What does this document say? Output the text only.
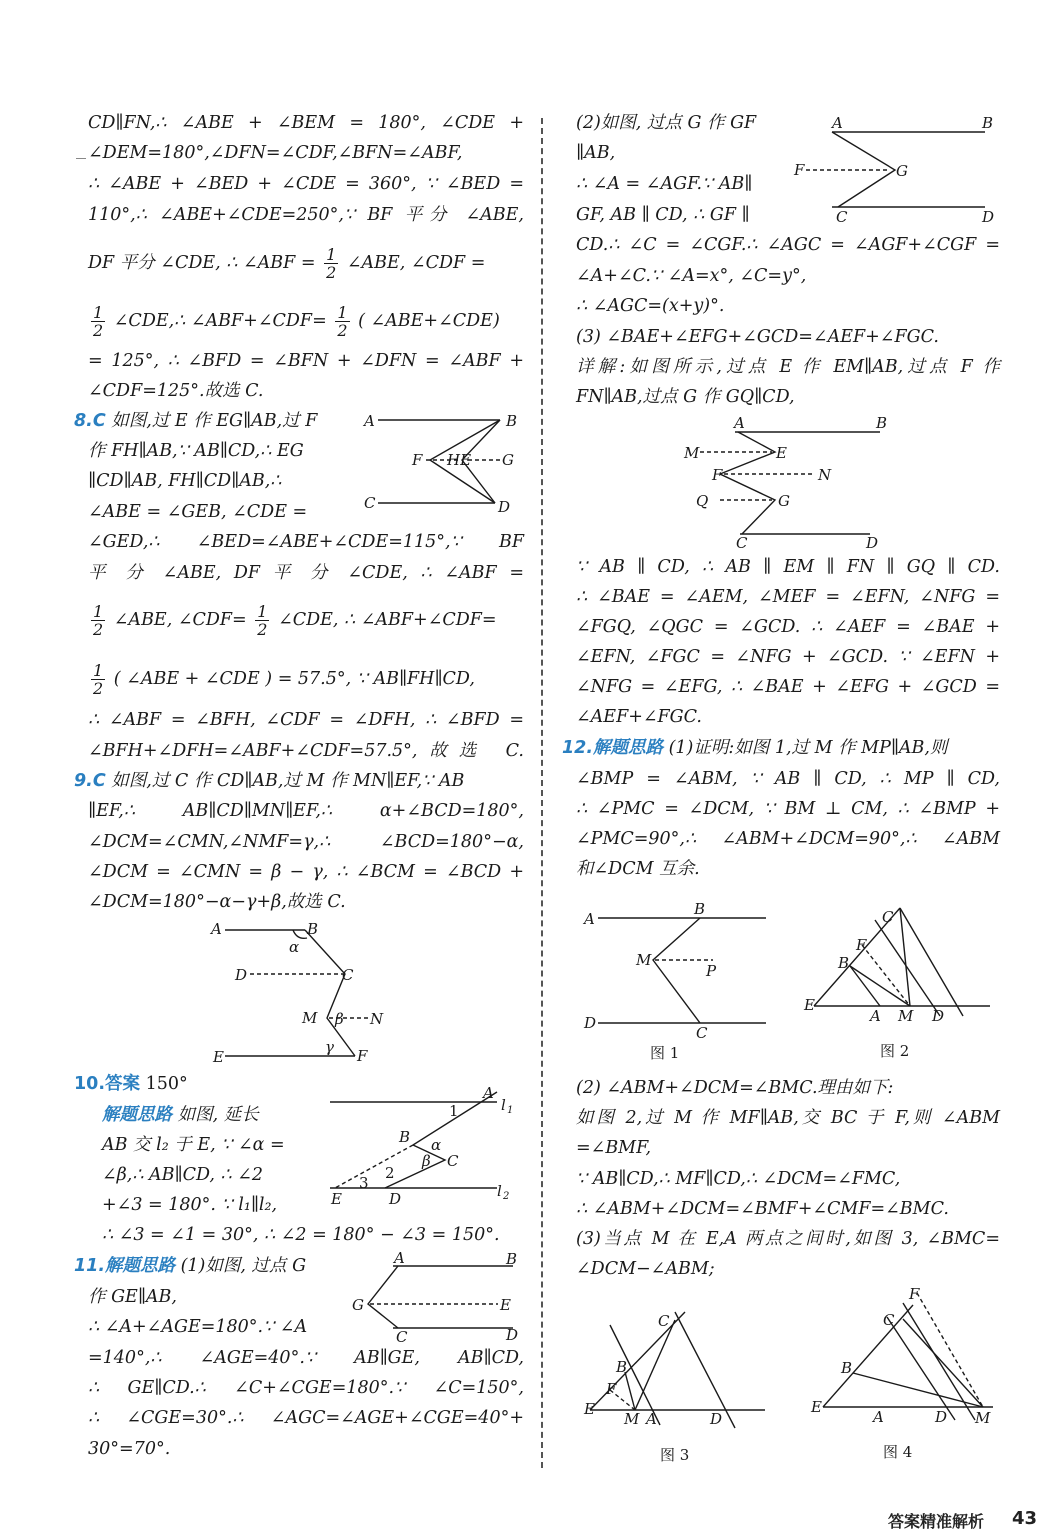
CD∥FN,∴ ∠ABE + ∠BEM = 180°, ∠CDE +
∠DEM=180°,∠DFN=∠CDF,∠BFN=∠ABF,
∴ ∠ABE + ∠BED + ∠CDE = 360°, ∵ ∠BED =
110°,∴ ∠ABE+∠CDE=250°,∵ BF 平分 ∠ABE,
DF 平分 ∠CDE, ∴ ∠ABF = $\frac{1}{2}$ ∠ABE, ∠CDF =
$\frac{1}{2}$ ∠CDE,∴ ∠ABF+∠CDF= $\frac{1}{2}$ ( ∠ABE+∠CDE)
= 125°, ∴ ∠BFD = ∠BFN + ∠DFN = ∠ABF +
∠CDF=125°.故选 C.
8.C 如图,过 E 作 EG∥AB,过 F
作 FH∥AB,∵ AB∥CD,∴ EG
∥CD∥AB, FH∥CD∥AB,∴
∠ABE = ∠GEB, ∠CDE =
∠GED,∴ ∠BED=∠ABE+∠CDE=115°,∵ BF
平 分 ∠ABE, DF 平 分 ∠CDE, ∴ ∠ABF =
$\frac{1}{2}$ ∠ABE, ∠CDF= $\frac{1}{2}$ ∠CDE, ∴ ∠ABF+∠CDF=
$\frac{1}{2}$ ( ∠ABE + ∠CDE ) = 57.5°, ∵ AB∥FH∥CD,
∴ ∠ABF = ∠BFH, ∠CDF = ∠DFH, ∴ ∠BFD =
∠BFH+∠DFH=∠ABF+∠CDF=57.5°,故选 C.
9.C 如图,过 C 作 CD∥AB,过 M 作 MN∥EF,∵ AB
∥EF,∴ AB∥CD∥MN∥EF,∴ α+∠BCD=180°,
∠DCM=∠CMN,∠NMF=γ,∴ ∠BCD=180°−α,
∠DCM = ∠CMN = β − γ, ∴ ∠BCM = ∠BCD +
∠DCM=180°−α−γ+β,故选 C.
10.答案 150°
解题思路 如图, 延长
AB 交 l₂ 于 E, ∵ ∠α =
∠β,∴ AB∥CD, ∴ ∠2
+∠3 = 180°. ∵ l₁∥l₂,
∴ ∠3 = ∠1 = 30°, ∴ ∠2 = 180° − ∠3 = 150°.
11.解题思路 (1)如图, 过点 G
作 GE∥AB,
∴ ∠A+∠AGE=180°.∵ ∠A
=140°,∴ ∠AGE=40°.∵ AB∥GE, AB∥CD,
∴ GE∥CD.∴ ∠C+∠CGE=180°.∵ ∠C=150°,
∴ ∠CGE=30°.∴ ∠AGC=∠AGE+∠CGE=40°+
30°=70°.
(2)如图, 过点 G 作 GF
∥AB,
∴ ∠A = ∠AGF.∵ AB∥
GF, AB ∥ CD, ∴ GF ∥
CD.∴ ∠C = ∠CGF.∴ ∠AGC = ∠AGF+∠CGF =
∠A+∠C.∵ ∠A=x°, ∠C=y°,
∴ ∠AGC=(x+y)°.
(3) ∠BAE+∠EFG+∠GCD=∠AEF+∠FGC.
详解:如图所示,过点 E 作 EM∥AB,过点 F 作
FN∥AB,过点 G 作 GQ∥CD,
∵ AB ∥ CD, ∴ AB ∥ EM ∥ FN ∥ GQ ∥ CD.
∴ ∠BAE = ∠AEM, ∠MEF = ∠EFN, ∠NFG =
∠FGQ, ∠QGC = ∠GCD. ∴ ∠AEF = ∠BAE +
∠EFN, ∠FGC = ∠NFG + ∠GCD. ∵ ∠EFN +
∠NFG = ∠EFG, ∴ ∠BAE + ∠EFG + ∠GCD =
∠AEF+∠FGC.
12.解题思路 (1)证明:如图 1,过 M 作 MP∥AB,则
∠BMP = ∠ABM, ∵ AB ∥ CD, ∴ MP ∥ CD,
∴ ∠PMC = ∠DCM, ∵ BM ⊥ CM, ∴ ∠BMP +
∠PMC=90°,∴ ∠ABM+∠DCM=90°,∴ ∠ABM
和∠DCM 互余.
(2) ∠ABM+∠DCM=∠BMC.理由如下:
如图 2,过 M 作 MF∥AB,交 BC 于 F,则 ∠ABM
=∠BMF,
∵ AB∥CD,∴ MF∥CD,∴ ∠DCM=∠FMC,
∴ ∠ABM+∠DCM=∠BMF+∠CMF=∠BMC.
(3)当点 M 在 E,A 两点之间时,如图 3, ∠BMC=
∠DCM−∠ABM;
A	B
F HE G
C	D
A	B
α
D	C
M β N
γ
E	F
A
l 1
1
B α
β C
2
3
E	D	l 2
A	B
G	E
C	D
A	B
F	G
C	D
A	B
M	E
F	N
Q	G
C	D
A
B
M
P
D
C
图 1
C
F
B
E
A M D
图 2
C
B
F
E
M A	D
图 3
F
C
B
E
A	D M
图 4
答案精准解析 43
